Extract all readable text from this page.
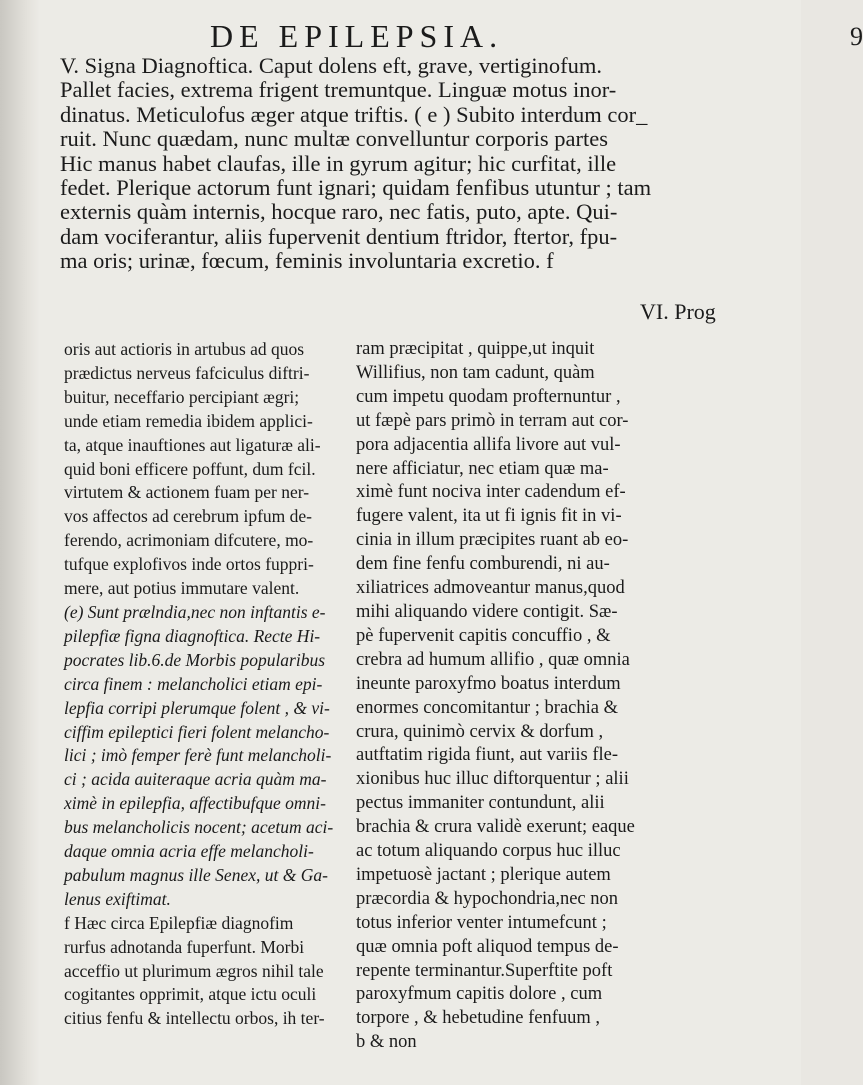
DE EPILEPSIA.	9
V. Signa Diagnoftica. Caput dolens eft, grave, vertiginofum.
Pallet facies, extrema frigent tremuntque. Linguæ motus inor-
dinatus. Meticulofus æger atque triftis. ( e ) Subito interdum cor_
ruit. Nunc quædam, nunc multæ convelluntur corporis partes
Hic manus habet claufas, ille in gyrum agitur; hic curfitat, ille
fedet. Plerique actorum funt ignari; quidam fenfibus utuntur ; tam
externis quàm internis, hocque raro, nec fatis, puto, apte. Qui-
dam vociferantur, aliis fupervenit dentium ftridor, ftertor, fpu-
ma oris; urinæ, fœcum, feminis involuntaria excretio. f
VI. Prog
oris aut actioris in artubus ad quos
prædictus nerveus fafciculus diftri-
buitur, neceffario percipiant ægri;
unde etiam remedia ibidem applici-
ta, atque inauftiones aut ligaturæ ali-
quid boni efficere poffunt, dum fcil.
virtutem & actionem fuam per ner-
vos affectos ad cerebrum ipfum de-
ferendo, acrimoniam difcutere, mo-
tufque explofivos inde ortos fuppri-
mere, aut potius immutare valent.
(e) Sunt prælndia,nec non inftantis e-
pilepfiæ figna diagnoftica. Recte Hi-
pocrates lib.6.de Morbis popularibus
circa finem : melancholici etiam epi-
lepfia corripi plerumque folent , & vi-
ciffim epileptici fieri folent melancho-
lici ; imò femper ferè funt melancholi-
ci ; acida auiteraque acria quàm ma-
ximè in epilepfia, affectibufque omni-
bus melancholicis nocent; acetum aci-
daque omnia acria effe melancholi-
pabulum magnus ille Senex, ut & Ga-
lenus exiftimat.
f Hæc circa Epilepfiæ diagnofim
rurfus adnotanda fuperfunt. Morbi
acceffio ut plurimum ægros nihil tale
cogitantes opprimit, atque ictu oculi
citius fenfu & intellectu orbos, ih ter-
ram præcipitat , quippe,ut inquit
Willifius, non tam cadunt, quàm
cum impetu quodam profternuntur ,
ut fæpè pars primò in terram aut cor-
pora adjacentia allifa livore aut vul-
nere afficiatur, nec etiam quæ ma-
ximè funt nociva inter cadendum ef-
fugere valent, ita ut fi ignis fit in vi-
cinia in illum præcipites ruant ab eo-
dem fine fenfu comburendi, ni au-
xiliatrices admoveantur manus,quod
mihi aliquando videre contigit. Sæ-
pè fupervenit capitis concuffio , &
crebra ad humum allifio , quæ omnia
ineunte paroxyfmo boatus interdum
enormes concomitantur ; brachia &
crura, quinimò cervix & dorfum ,
autftatim rigida fiunt, aut variis fle-
xionibus huc illuc diftorquentur ; alii
pectus immaniter contundunt, alii
brachia & crura validè exerunt; eaque
ac totum aliquando corpus huc illuc
impetuosè jactant ; plerique autem
præcordia & hypochondria,nec non
totus inferior venter intumefcunt ;
quæ omnia poft aliquod tempus de-
repente terminantur.Superftite poft
paroxyfmum capitis dolore , cum
torpore , & hebetudine fenfuum ,
b & non
